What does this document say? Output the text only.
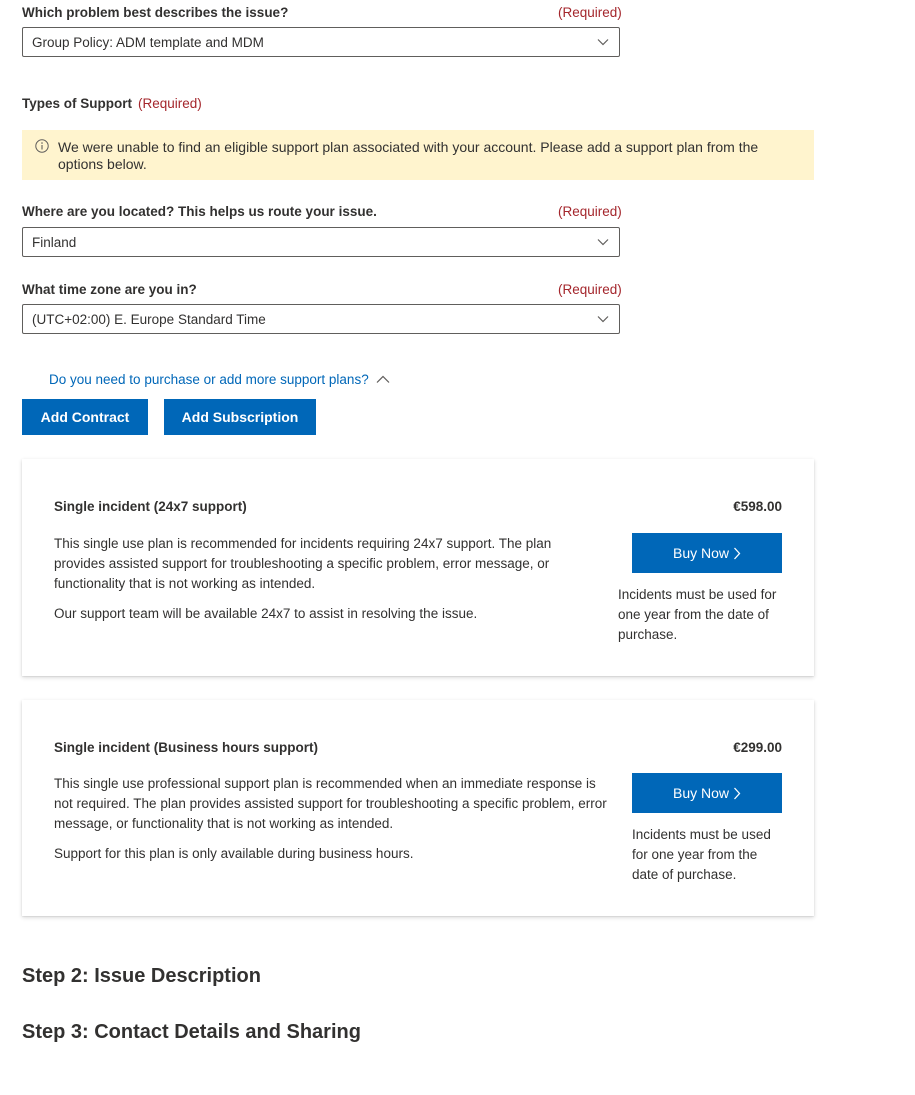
Which problem best describes the issue?	(Required)
Group Policy: ADM template and MDM
Types of Support (Required)
We were unable to find an eligible support plan associated with your account. Please add a support plan from the options below.
Where are you located? This helps us route your issue.	(Required)
Finland
What time zone are you in?	(Required)
(UTC+02:00) E. Europe Standard Time
Do you need to purchase or add more support plans?
Add Contract	Add Subscription
Single incident (24x7 support)	€598.00
This single use plan is recommended for incidents requiring 24x7 support. The plan provides assisted support for troubleshooting a specific problem, error message, or functionality that is not working as intended.
Our support team will be available 24x7 to assist in resolving the issue.
Buy Now
Incidents must be used for one year from the date of purchase.
Single incident (Business hours support)	€299.00
This single use professional support plan is recommended when an immediate response is not required. The plan provides assisted support for troubleshooting a specific problem, error message, or functionality that is not working as intended.
Support for this plan is only available during business hours.
Buy Now
Incidents must be used for one year from the date of purchase.
Step 2: Issue Description
Step 3: Contact Details and Sharing
